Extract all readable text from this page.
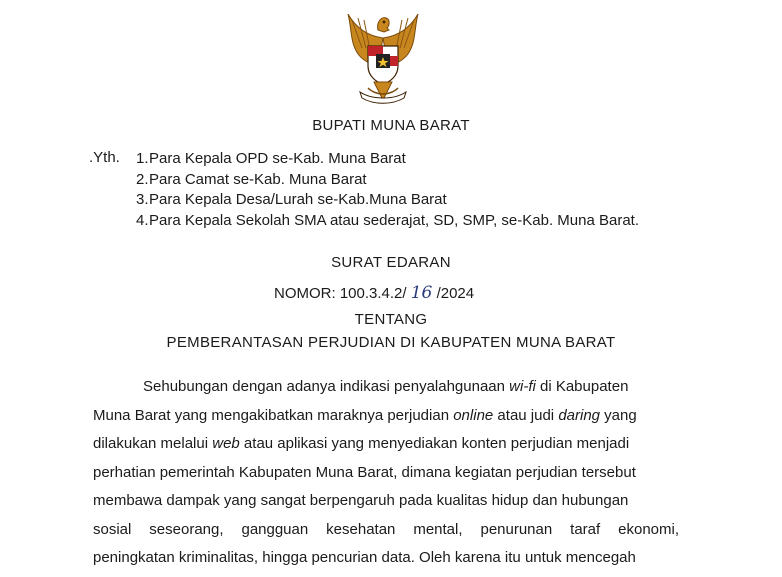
BUPATI MUNA BARAT
.Yth. 1.Para Kepala OPD se-Kab. Muna Barat
2.Para Camat se-Kab. Muna Barat
3.Para Kepala Desa/Lurah se-Kab.Muna Barat
4.Para Kepala Sekolah SMA atau sederajat, SD, SMP, se-Kab. Muna Barat.
SURAT EDARAN
NOMOR: 100.3.4.2/ 16 /2024
TENTANG
PEMBERANTASAN PERJUDIAN DI KABUPATEN MUNA BARAT
Sehubungan dengan adanya indikasi penyalahgunaan wi-fi di Kabupaten
Muna Barat yang mengakibatkan maraknya perjudian online atau judi daring yang
dilakukan melalui web atau aplikasi yang menyediakan konten perjudian menjadi
perhatian pemerintah Kabupaten Muna Barat, dimana kegiatan perjudian tersebut
membawa dampak yang sangat berpengaruh pada kualitas hidup dan hubungan
sosial seseorang, gangguan kesehatan mental, penurunan taraf ekonomi,
peningkatan kriminalitas, hingga pencurian data. Oleh karena itu untuk mencegah
